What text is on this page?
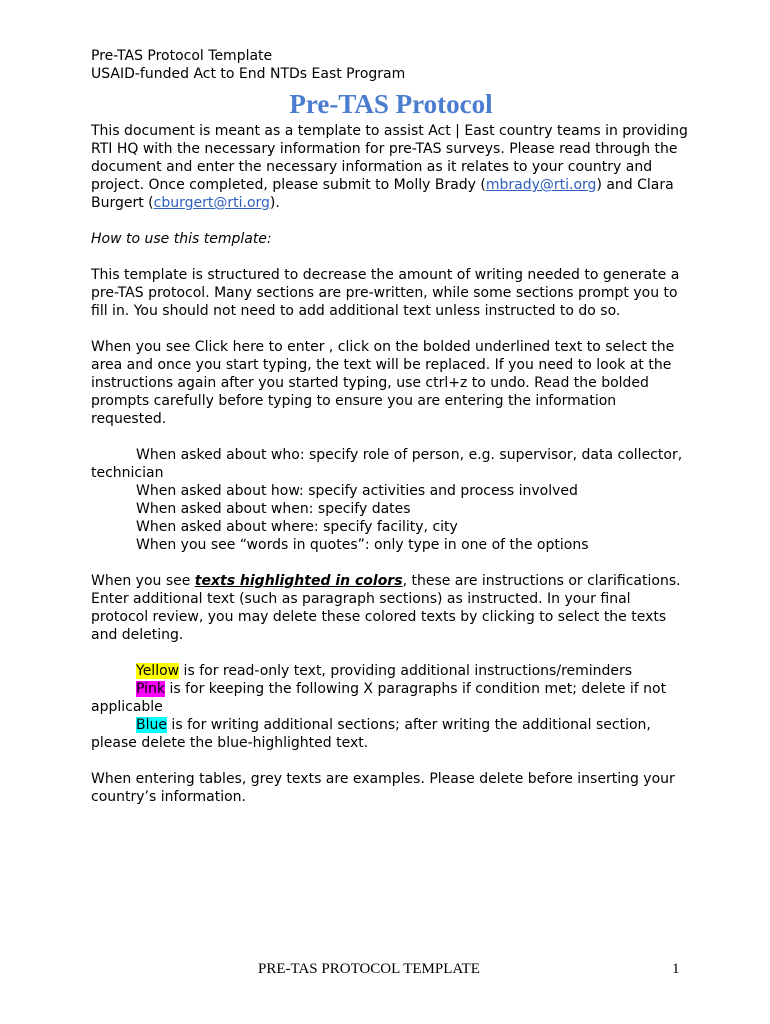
Pre-TAS Protocol Template

USAID-funded Act to End NTDs East Program

Pre-TAS Protocol

This document is meant as a template to assist Act | East country teams in providing RTI HQ with the necessary information for pre-TAS surveys. Please read through the document and enter the necessary information as it relates to your country and project. Once completed, please submit to Molly Brady (mbrady@rti.org) and Clara Burgert (cburgert@rti.org).

How to use this template:

This template is structured to decrease the amount of writing needed to generate a pre-TAS protocol. Many sections are pre-written, while some sections prompt you to fill in. You should not need to add additional text unless instructed to do so.

When you see Click here to enter , click on the bolded underlined text to select the area and once you start typing, the text will be replaced. If you need to look at the instructions again after you started typing, use ctrl+z to undo. Read the bolded prompts carefully before typing to ensure you are entering the information requested.

When asked about who: specify role of person, e.g. supervisor, data collector, technician

When asked about how: specify activities and process involved

When asked about when: specify dates

When asked about where: specify facility, city

When you see “words in quotes”: only type in one of the options

When you see texts highlighted in colors, these are instructions or clarifications. Enter additional text (such as paragraph sections) as instructed. In your final protocol review, you may delete these colored texts by clicking to select the texts and deleting.

Yellow is for read-only text, providing additional instructions/reminders

Pink is for keeping the following X paragraphs if condition met; delete if not applicable

Blue is for writing additional sections; after writing the additional section, please delete the blue-highlighted text.

When entering tables, grey texts are examples. Please delete before inserting your country’s information.

PRE-TAS PROTOCOL TEMPLATE	1
